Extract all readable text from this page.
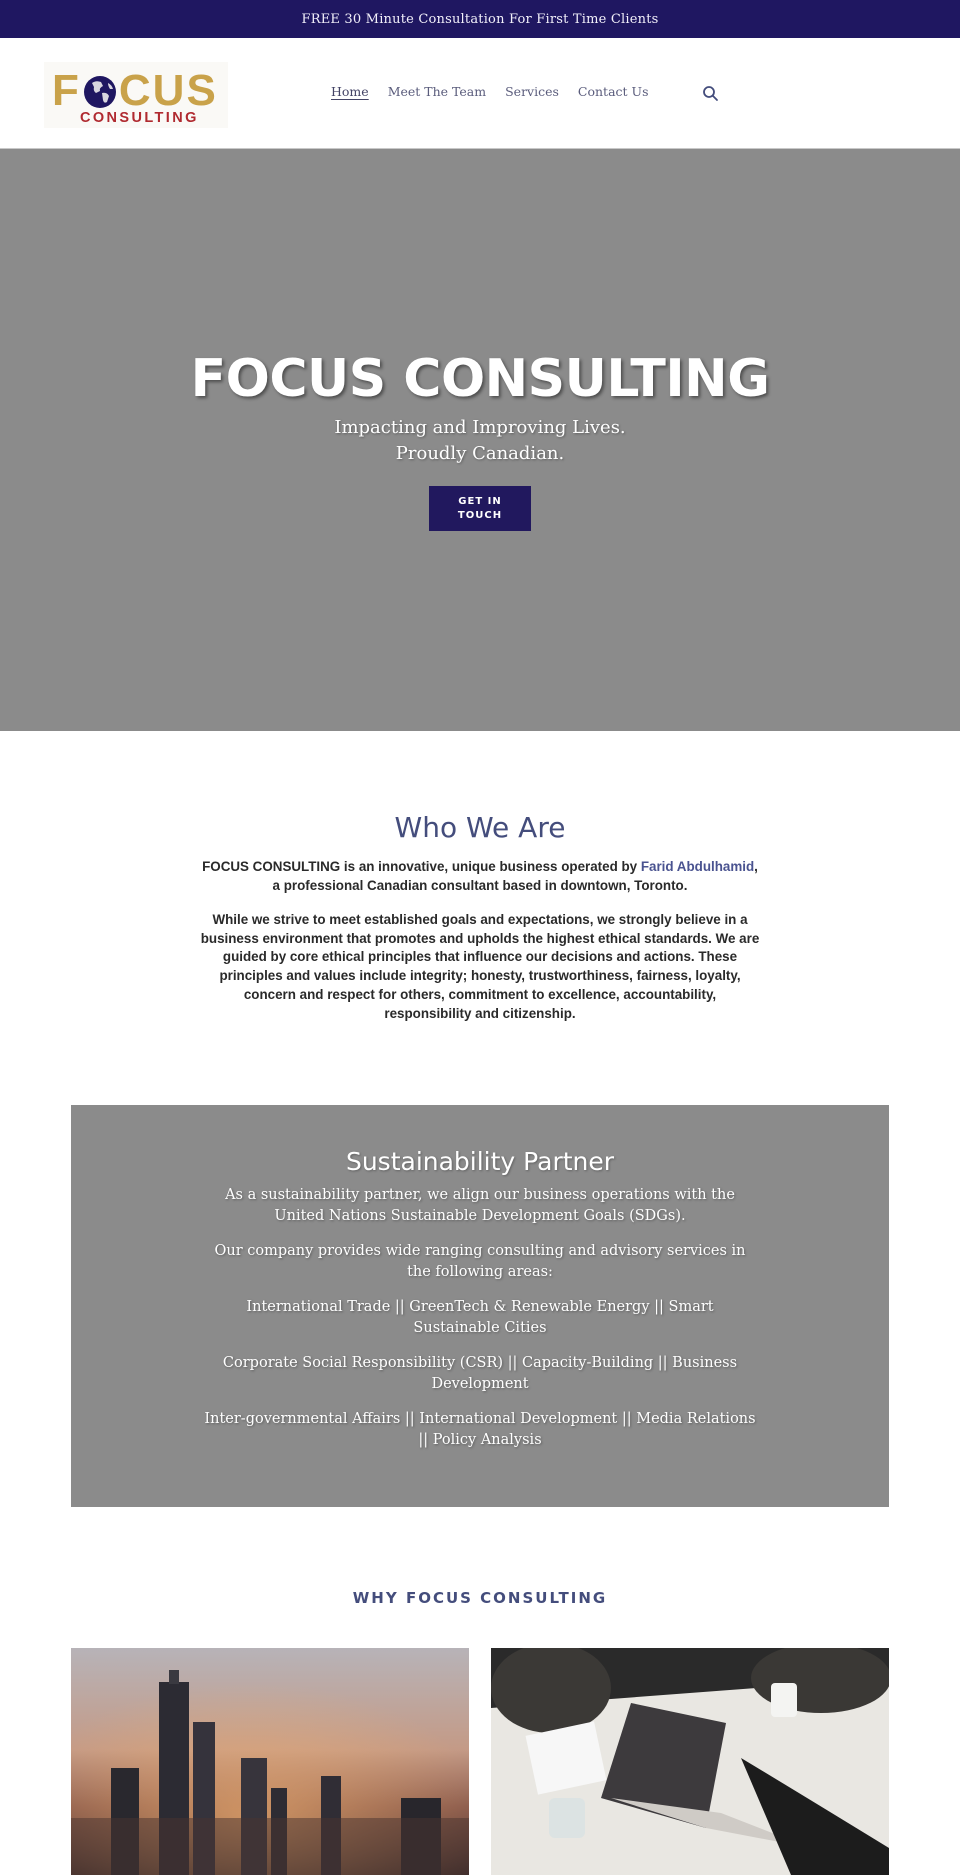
FREE 30 Minute Consultation For First Time Clients
F CUS
CONSULTING
Home Meet The Team Services Contact Us
FOCUS CONSULTING
Impacting and Improving Lives.
Proudly Canadian.
GET IN
TOUCH
Who We Are

FOCUS CONSULTING is an innovative, unique business operated by Farid Abdulhamid, a professional Canadian consultant based in downtown, Toronto.

While we strive to meet established goals and expectations, we strongly believe in a business environment that promotes and upholds the highest ethical standards. We are guided by core ethical principles that influence our decisions and actions. These principles and values include integrity; honesty, trustworthiness, fairness, loyalty, concern and respect for others, commitment to excellence, accountability, responsibility and citizenship.

Sustainability Partner

As a sustainability partner, we align our business operations with the United Nations Sustainable Development Goals (SDGs).

Our company provides wide ranging consulting and advisory services in the following areas:

International Trade || GreenTech & Renewable Energy || Smart Sustainable Cities

Corporate Social Responsibility (CSR) || Capacity-Building || Business Development

Inter-governmental Affairs || International Development || Media Relations || Policy Analysis

WHY FOCUS CONSULTING
